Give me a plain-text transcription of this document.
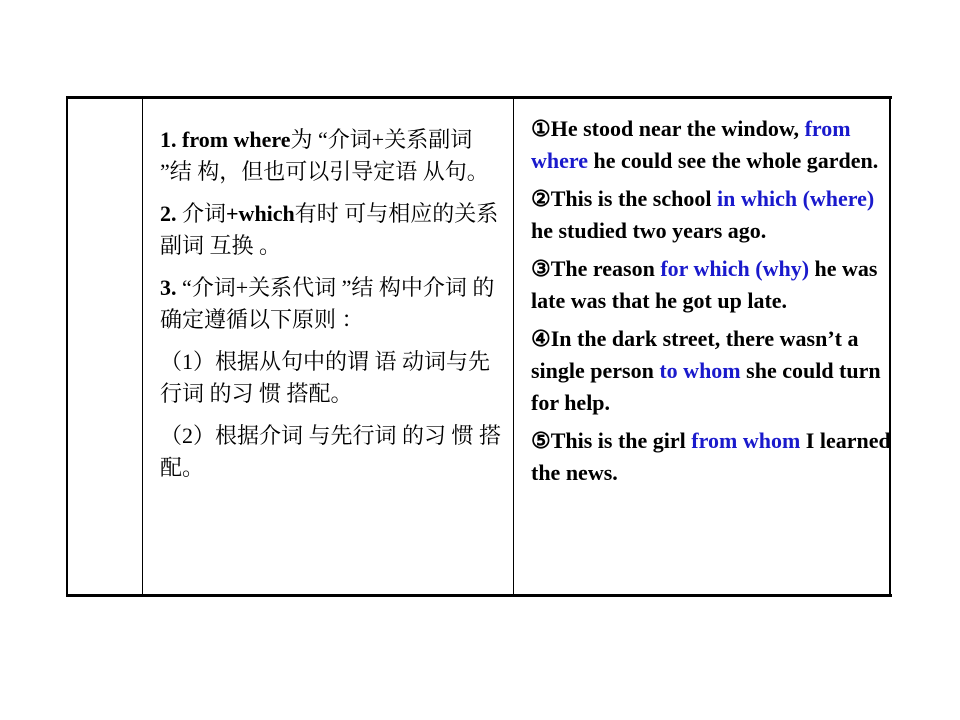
1. from where为 “介词+关系副词 ”结 构，但也可以引导定语 从句。
2. 介词+which有时 可与相应的关系副词 互换 。
3. “介词+关系代词 ”结 构中介词 的确定遵循以下原则 ：
（1）根据从句中的谓 语 动词与先行词 的习 惯 搭配。
（2）根据介词 与先行词 的习 惯 搭配。
①He stood near the window, from where he could see the whole garden.
②This is the school in which (where) he studied two years ago.
③The reason for which (why) he was late was that he got up late.
④In the dark street, there wasn’t a single person to whom she could turn for help.
⑤This is the girl from whom I learned the news.
